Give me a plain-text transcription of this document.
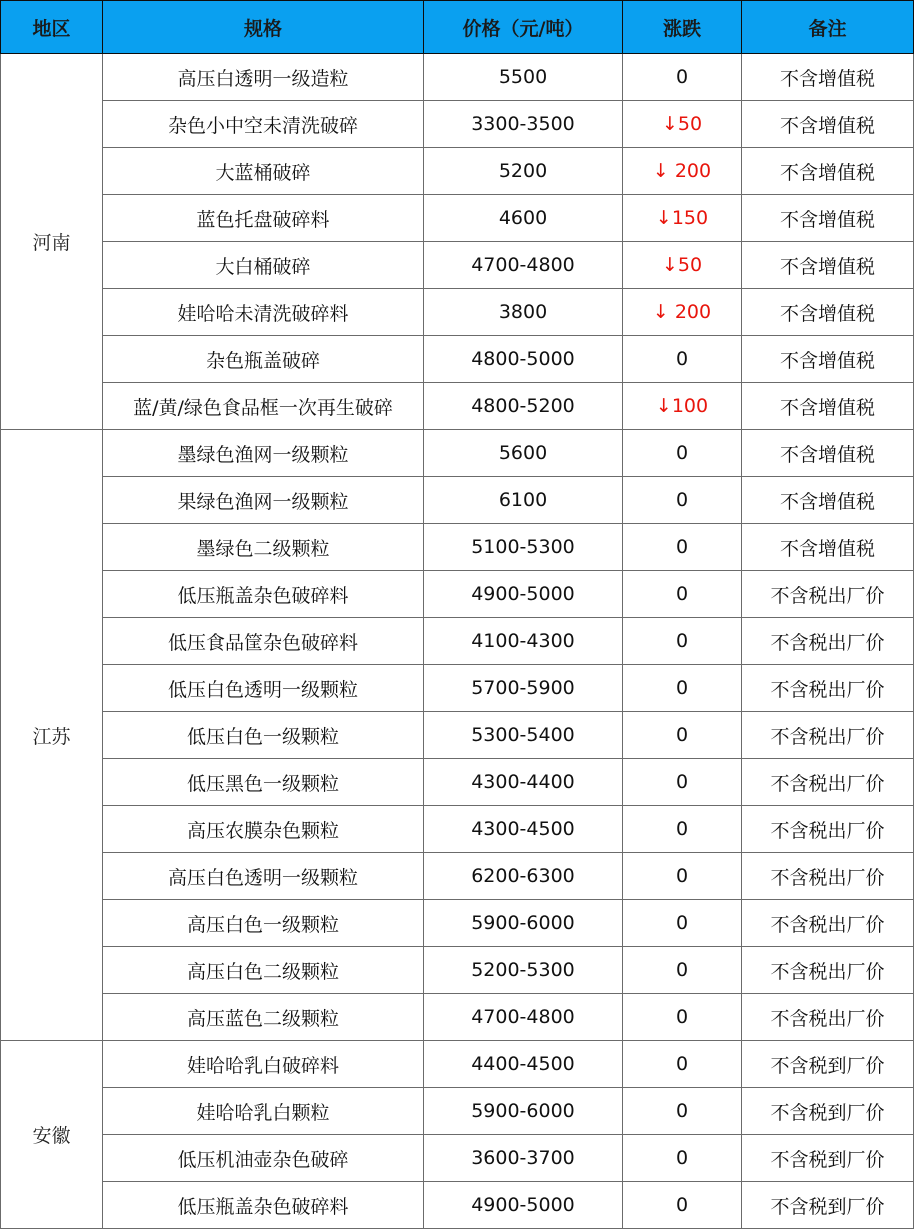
地区	规格	价格（元/吨）	涨跌	备注
河南	高压白透明一级造粒	5500	0	不含增值税
	杂色小中空未清洗破碎	3300-3500	↓50	不含增值税
	大蓝桶破碎	5200	↓ 200	不含增值税
	蓝色托盘破碎料	4600	↓150	不含增值税
	大白桶破碎	4700-4800	↓50	不含增值税
	娃哈哈未清洗破碎料	3800	↓ 200	不含增值税
	杂色瓶盖破碎	4800-5000	0	不含增值税
	蓝/黄/绿色食品框一次再生破碎	4800-5200	↓100	不含增值税
江苏	墨绿色渔网一级颗粒	5600	0	不含增值税
	果绿色渔网一级颗粒	6100	0	不含增值税
	墨绿色二级颗粒	5100-5300	0	不含增值税
	低压瓶盖杂色破碎料	4900-5000	0	不含税出厂价
	低压食品筐杂色破碎料	4100-4300	0	不含税出厂价
	低压白色透明一级颗粒	5700-5900	0	不含税出厂价
	低压白色一级颗粒	5300-5400	0	不含税出厂价
	低压黑色一级颗粒	4300-4400	0	不含税出厂价
	高压农膜杂色颗粒	4300-4500	0	不含税出厂价
	高压白色透明一级颗粒	6200-6300	0	不含税出厂价
	高压白色一级颗粒	5900-6000	0	不含税出厂价
	高压白色二级颗粒	5200-5300	0	不含税出厂价
	高压蓝色二级颗粒	4700-4800	0	不含税出厂价
安徽	娃哈哈乳白破碎料	4400-4500	0	不含税到厂价
	娃哈哈乳白颗粒	5900-6000	0	不含税到厂价
	低压机油壶杂色破碎	3600-3700	0	不含税到厂价
	低压瓶盖杂色破碎料	4900-5000	0	不含税到厂价
